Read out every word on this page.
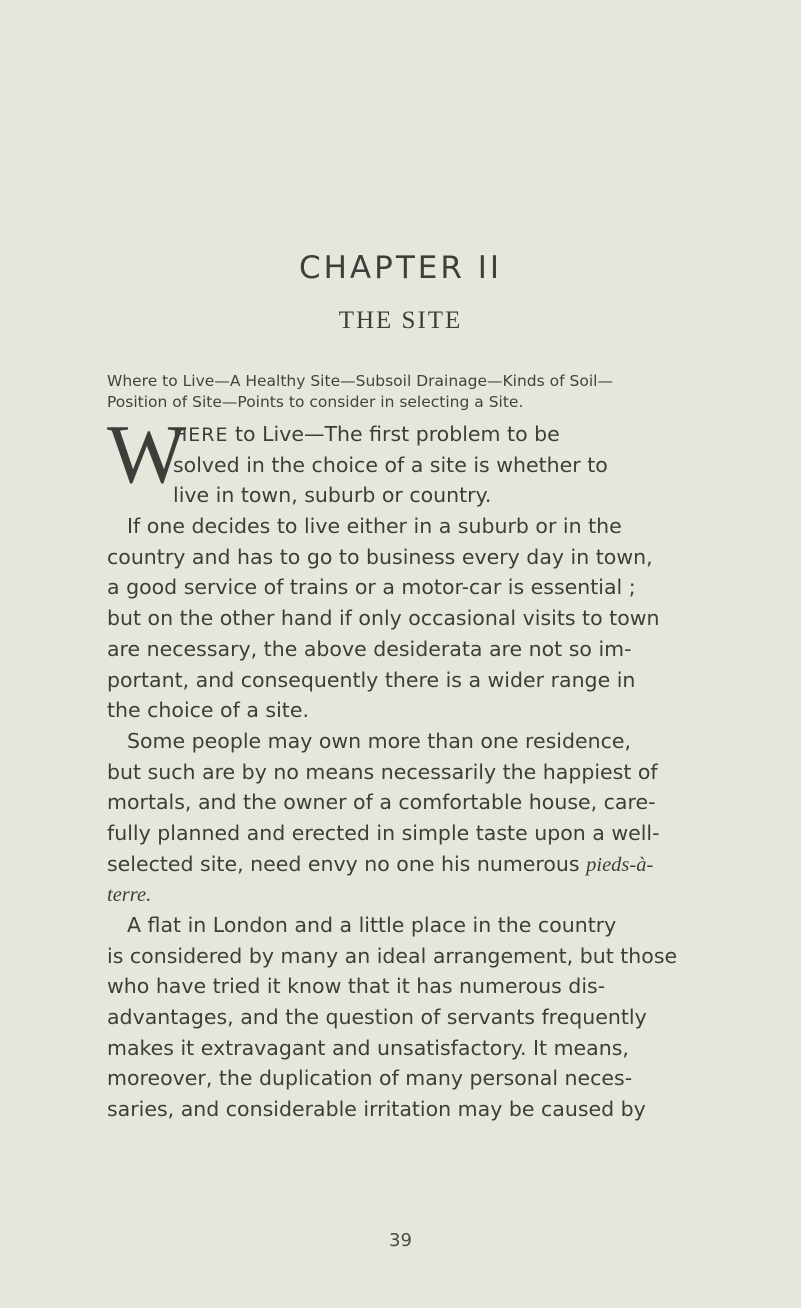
CHAPTER II
THE SITE
Where to Live—A Healthy Site—Subsoil Drainage—Kinds of Soil—
Position of Site—Points to consider in selecting a Site.
W
HERE to Live—The first problem to be
solved in the choice of a site is whether to
live in town, suburb or country.
If one decides to live either in a suburb or in the
country and has to go to business every day in town,
a good service of trains or a motor-car is essential ;
but on the other hand if only occasional visits to town
are necessary, the above desiderata are not so im-
portant, and consequently there is a wider range in
the choice of a site.
Some people may own more than one residence,
but such are by no means necessarily the happiest of
mortals, and the owner of a comfortable house, care-
fully planned and erected in simple taste upon a well-
selected site, need envy no one his numerous pieds-à-
terre.
A flat in London and a little place in the country
is considered by many an ideal arrangement, but those
who have tried it know that it has numerous dis-
advantages, and the question of servants frequently
makes it extravagant and unsatisfactory. It means,
moreover, the duplication of many personal neces-
saries, and considerable irritation may be caused by
39
